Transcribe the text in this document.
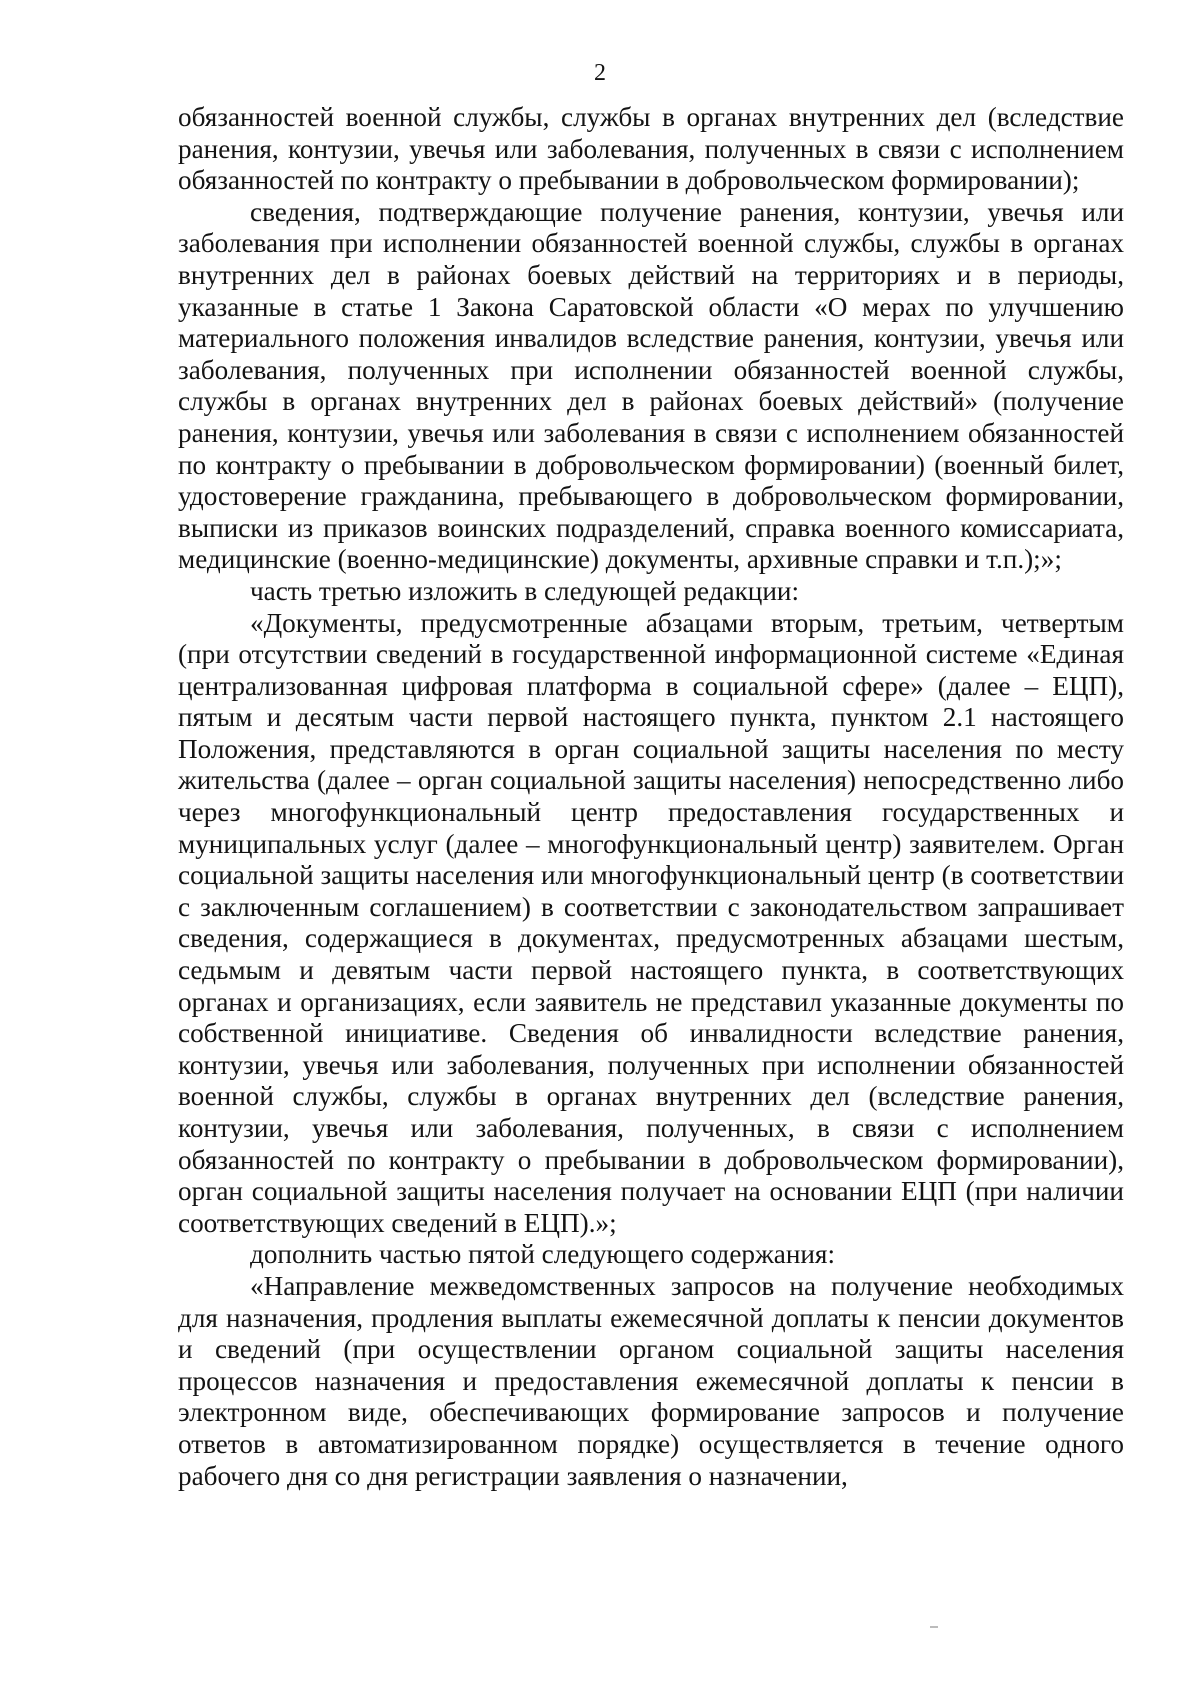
2

обязанностей военной службы, службы в органах внутренних дел (вследствие ранения, контузии, увечья или заболевания, полученных в связи с исполнением обязанностей по контракту о пребывании в добровольческом формировании);

сведения, подтверждающие получение ранения, контузии, увечья или заболевания при исполнении обязанностей военной службы, службы в органах внутренних дел в районах боевых действий на территориях и в периоды, указанные в статье 1 Закона Саратовской области «О мерах по улучшению материального положения инвалидов вследствие ранения, контузии, увечья или заболевания, полученных при исполнении обязанностей военной службы, службы в органах внутренних дел в районах боевых действий» (получение ранения, контузии, увечья или заболевания в связи с исполнением обязанностей по контракту о пребывании в добровольческом формировании) (военный билет, удостоверение гражданина, пребывающего в добровольческом формировании, выписки из приказов воинских подразделений, справка военного комиссариата, медицинские (военно-медицинские) документы, архивные справки и т.п.);»;

часть третью изложить в следующей редакции:

«Документы, предусмотренные абзацами вторым, третьим, четвертым (при отсутствии сведений в государственной информационной системе «Единая централизованная цифровая платформа в социальной сфере» (далее – ЕЦП), пятым и десятым части первой настоящего пункта, пунктом 2.1 настоящего Положения, представляются в орган социальной защиты населения по месту жительства (далее – орган социальной защиты населения) непосредственно либо через многофункциональный центр предоставления государственных и муниципальных услуг (далее – многофункциональный центр) заявителем. Орган социальной защиты населения или многофункциональный центр (в соответствии с заключенным соглашением) в соответствии с законодательством запрашивает сведения, содержащиеся в документах, предусмотренных абзацами шестым, седьмым и девятым части первой настоящего пункта, в соответствующих органах и организациях, если заявитель не представил указанные документы по собственной инициативе. Сведения об инвалидности вследствие ранения, контузии, увечья или заболевания, полученных при исполнении обязанностей военной службы, службы в органах внутренних дел (вследствие ранения, контузии, увечья или заболевания, полученных, в связи с исполнением обязанностей по контракту о пребывании в добровольческом формировании), орган социальной защиты населения получает на основании ЕЦП (при наличии соответствующих сведений в ЕЦП).»;

дополнить частью пятой следующего содержания:

«Направление межведомственных запросов на получение необходимых для назначения, продления выплаты ежемесячной доплаты к пенсии документов и сведений (при осуществлении органом социальной защиты населения процессов назначения и предоставления ежемесячной доплаты к пенсии в электронном виде, обеспечивающих формирование запросов и получение ответов в автоматизированном порядке) осуществляется в течение одного рабочего дня со дня регистрации заявления о назначении,
